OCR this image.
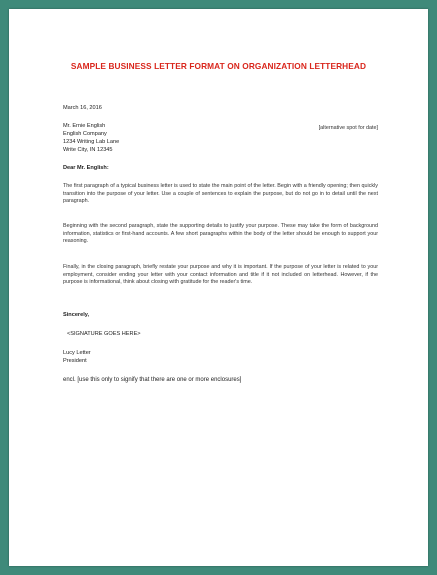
SAMPLE BUSINESS LETTER FORMAT ON ORGANIZATION LETTERHEAD
March 16, 2016
Mr. Ernie English
English Company
1234 Writing Lab Lane
Write City, IN 12345
[alternative spot for date]
Dear Mr. English:
The first paragraph of a typical business letter is used to state the main point of the letter. Begin with a friendly opening; then quickly transition into the purpose of your letter. Use a couple of sentences to explain the purpose, but do not go in to detail until the next paragraph.
Beginning with the second paragraph, state the supporting details to justify your purpose. These may take the form of background information, statistics or first-hand accounts. A few short paragraphs within the body of the letter should be enough to support your reasoning.
Finally, in the closing paragraph, briefly restate your purpose and why it is important. If the purpose of your letter is related to your employment, consider ending your letter with your contact information and title if it not included on letterhead. However, if the purpose is informational, think about closing with gratitude for the reader's time.
Sincerely,
<SIGNATURE GOES HERE>
Lucy Letter
President
encl. [use this only to signify that there are one or more enclosures]
